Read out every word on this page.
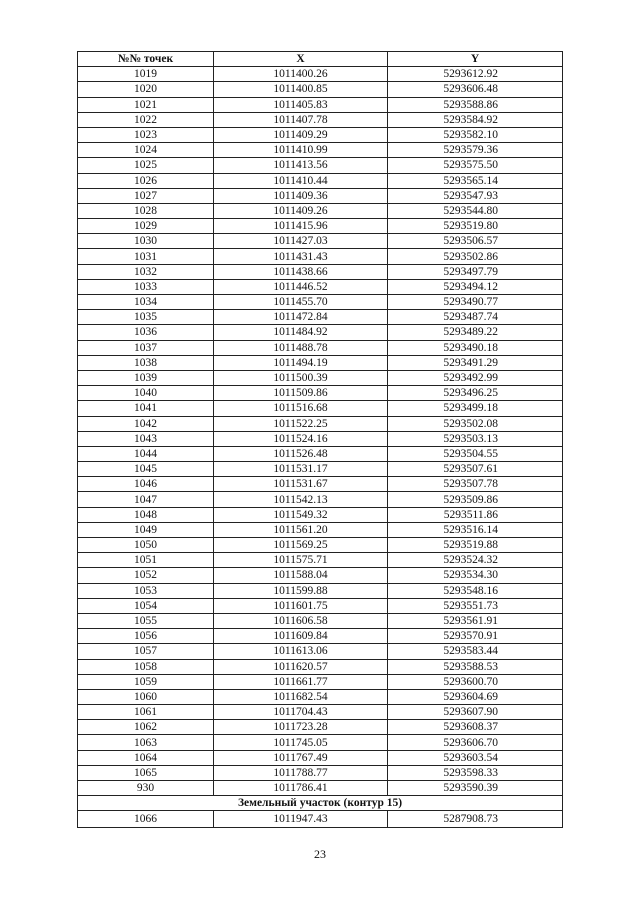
№№ точек	X	Y
1019	1011400.26	5293612.92
1020	1011400.85	5293606.48
1021	1011405.83	5293588.86
1022	1011407.78	5293584.92
1023	1011409.29	5293582.10
1024	1011410.99	5293579.36
1025	1011413.56	5293575.50
1026	1011410.44	5293565.14
1027	1011409.36	5293547.93
1028	1011409.26	5293544.80
1029	1011415.96	5293519.80
1030	1011427.03	5293506.57
1031	1011431.43	5293502.86
1032	1011438.66	5293497.79
1033	1011446.52	5293494.12
1034	1011455.70	5293490.77
1035	1011472.84	5293487.74
1036	1011484.92	5293489.22
1037	1011488.78	5293490.18
1038	1011494.19	5293491.29
1039	1011500.39	5293492.99
1040	1011509.86	5293496.25
1041	1011516.68	5293499.18
1042	1011522.25	5293502.08
1043	1011524.16	5293503.13
1044	1011526.48	5293504.55
1045	1011531.17	5293507.61
1046	1011531.67	5293507.78
1047	1011542.13	5293509.86
1048	1011549.32	5293511.86
1049	1011561.20	5293516.14
1050	1011569.25	5293519.88
1051	1011575.71	5293524.32
1052	1011588.04	5293534.30
1053	1011599.88	5293548.16
1054	1011601.75	5293551.73
1055	1011606.58	5293561.91
1056	1011609.84	5293570.91
1057	1011613.06	5293583.44
1058	1011620.57	5293588.53
1059	1011661.77	5293600.70
1060	1011682.54	5293604.69
1061	1011704.43	5293607.90
1062	1011723.28	5293608.37
1063	1011745.05	5293606.70
1064	1011767.49	5293603.54
1065	1011788.77	5293598.33
930	1011786.41	5293590.39
Земельный участок (контур 15)		
1066	1011947.43	5287908.73
23
